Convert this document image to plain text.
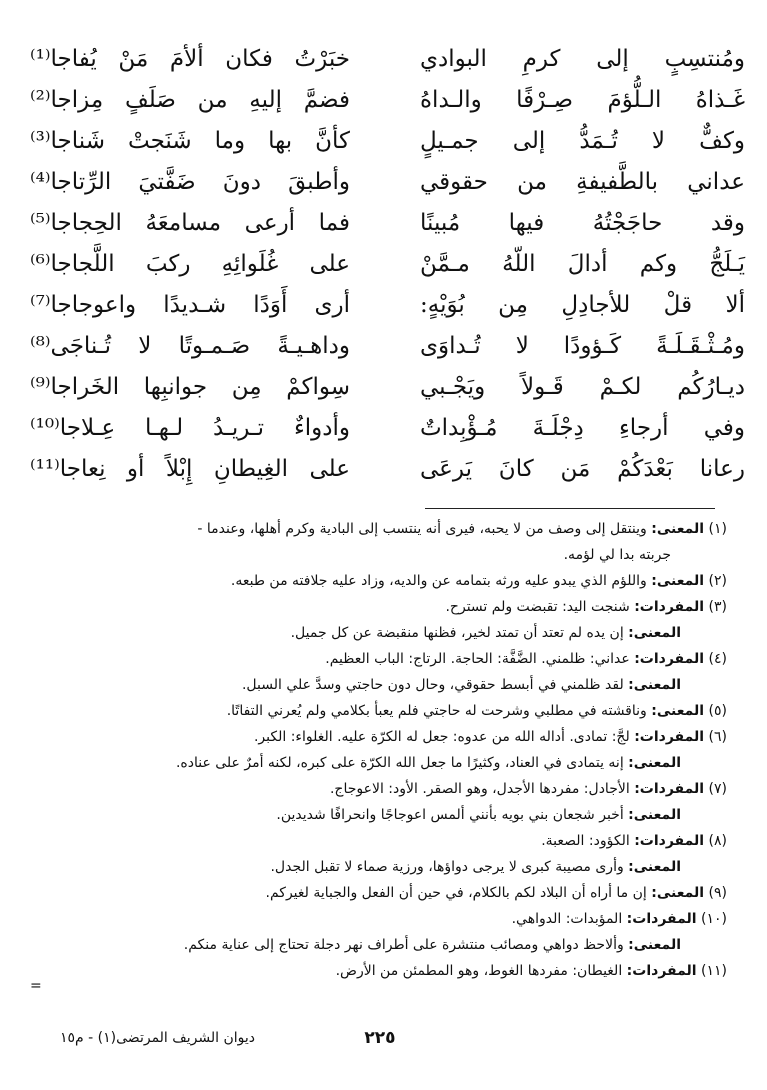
ومُنتسِبٍ إلى كرمِ البوادي
خبَرْتُ فكان ألأمَ مَنْ يُفاجا⁽¹⁾
غَـذاهُ الـلُّؤمَ صِـرْفًا والـداهُ
فضمَّ إليهِ من صَلَفٍ مِزاجا⁽²⁾
وكفٌّ لا تُـمَدُّ إلى جمـيلٍ
كأنَّ بها وما شَنَجتْ شَناجا⁽³⁾
عداني بالطَّفيفةِ من حقوقي
وأطبقَ دونَ ضَفَّتيَ الرِّتاجا⁽⁴⁾
وقد حاجَجْتُهُ فيها مُبينًا
فما أرعى مسامعَهُ الحِجاجا⁽⁵⁾
يَـلَجُّ وكم أدالَ اللّهُ مـمَّنْ
على غُلَوائِهِ ركبَ اللَّجاجا⁽⁶⁾
ألا قلْ للأجادِلِ مِن بُوَيْهٍ:
أرى أَوَدًا شـديدًا واعوجاجا⁽⁷⁾
ومُـثْـقَـلَـةً كَـؤودًا لا تُـداوَى
وداهـيـةً صَـمـوتًا لا تُـناجَى⁽⁸⁾
ديـارُكُم لكـمْ قَـولاً ويَجْـبي
سِواكمْ مِن جوانبِها الخَراجا⁽⁹⁾
وفي أرجاءِ دِجْلَـةَ مُـؤْبِداتٌ
وأدواءٌ تـريـدُ لـهـا عِـلاجا⁽¹⁰⁾
رعانا بَعْدَكُمْ مَن كانَ يَرعَى
على الغِيطانِ إِبْلاً أو نِعاجا⁽¹¹⁾
(١) المعنى: وينتقل إلى وصف من لا يحبه، فيرى أنه ينتسب إلى البادية وكرم أهلها، وعندما -
جربته بدا لي لؤمه.
(٢) المعنى: واللؤم الذي يبدو عليه ورثه بتمامه عن والديه، وزاد عليه جلافته من طبعه.
(٣) المفردات: شنجت اليد: تقبضت ولم تسترح.
المعنى: إن يده لم تعتد أن تمتد لخير، فظنها منقبضة عن كل جميل.
(٤) المفردات: عداني: ظلمني. الضَّفَّة: الحاجة. الرتاج: الباب العظيم.
المعنى: لقد ظلمني في أبسط حقوقي، وحال دون حاجتي وسدَّ علي السبل.
(٥) المعنى: وناقشته في مطلبي وشرحت له حاجتي فلم يعبأ بكلامي ولم يُعرني التفاتًا.
(٦) المفردات: لجَّ: تمادى. أداله الله من عدوه: جعل له الكرّة عليه. الغلواء: الكبر.
المعنى: إنه يتمادى في العناد، وكثيرًا ما جعل الله الكرّة على كبره، لكنه أمرٌ على عناده.
(٧) المفردات: الأجادل: مفردها الأجدل، وهو الصقر. الأود: الاعوجاج.
المعنى: أخبر شجعان بني بويه بأنني ألمس اعوجاجًا وانحرافًا شديدين.
(٨) المفردات: الكؤود: الصعبة.
المعنى: وأرى مصيبة كبرى لا يرجى دواؤها، ورزية صماء لا تقبل الجدل.
(٩) المعنى: إن ما أراه أن البلاد لكم بالكلام، في حين أن الفعل والجباية لغيركم.
(١٠) المفردات: المؤبدات: الدواهي.
المعنى: وألاحظ دواهي ومصائب منتشرة على أطراف نهر دجلة تحتاج إلى عناية منكم.
(١١) المفردات: الغيطان: مفردها الغوط، وهو المطمئن من الأرض.
=
٢٢٥
ديوان الشريف المرتضى(١) - م١٥
